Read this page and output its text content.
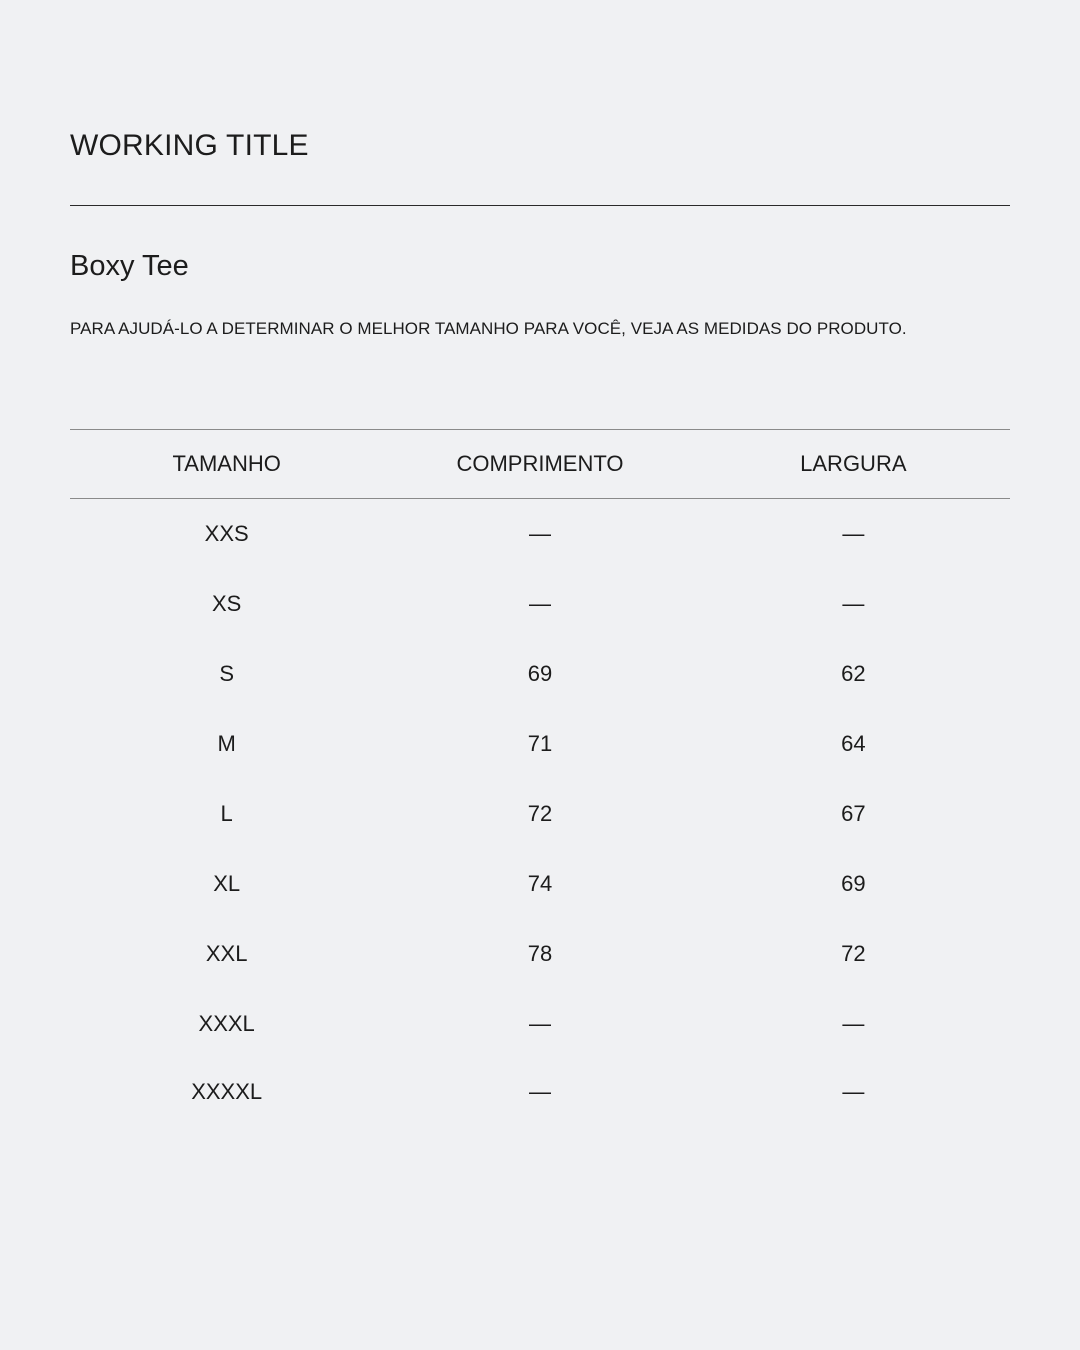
WORKING TITLE
Boxy Tee
PARA AJUDÁ-LO A DETERMINAR O MELHOR TAMANHO PARA VOCÊ, VEJA AS MEDIDAS DO PRODUTO.
TAMANHO	COMPRIMENTO	LARGURA
XXS	—	—
XS	—	—
S	69	62
M	71	64
L	72	67
XL	74	69
XXL	78	72
XXXL	—	—
XXXXL	—	—
